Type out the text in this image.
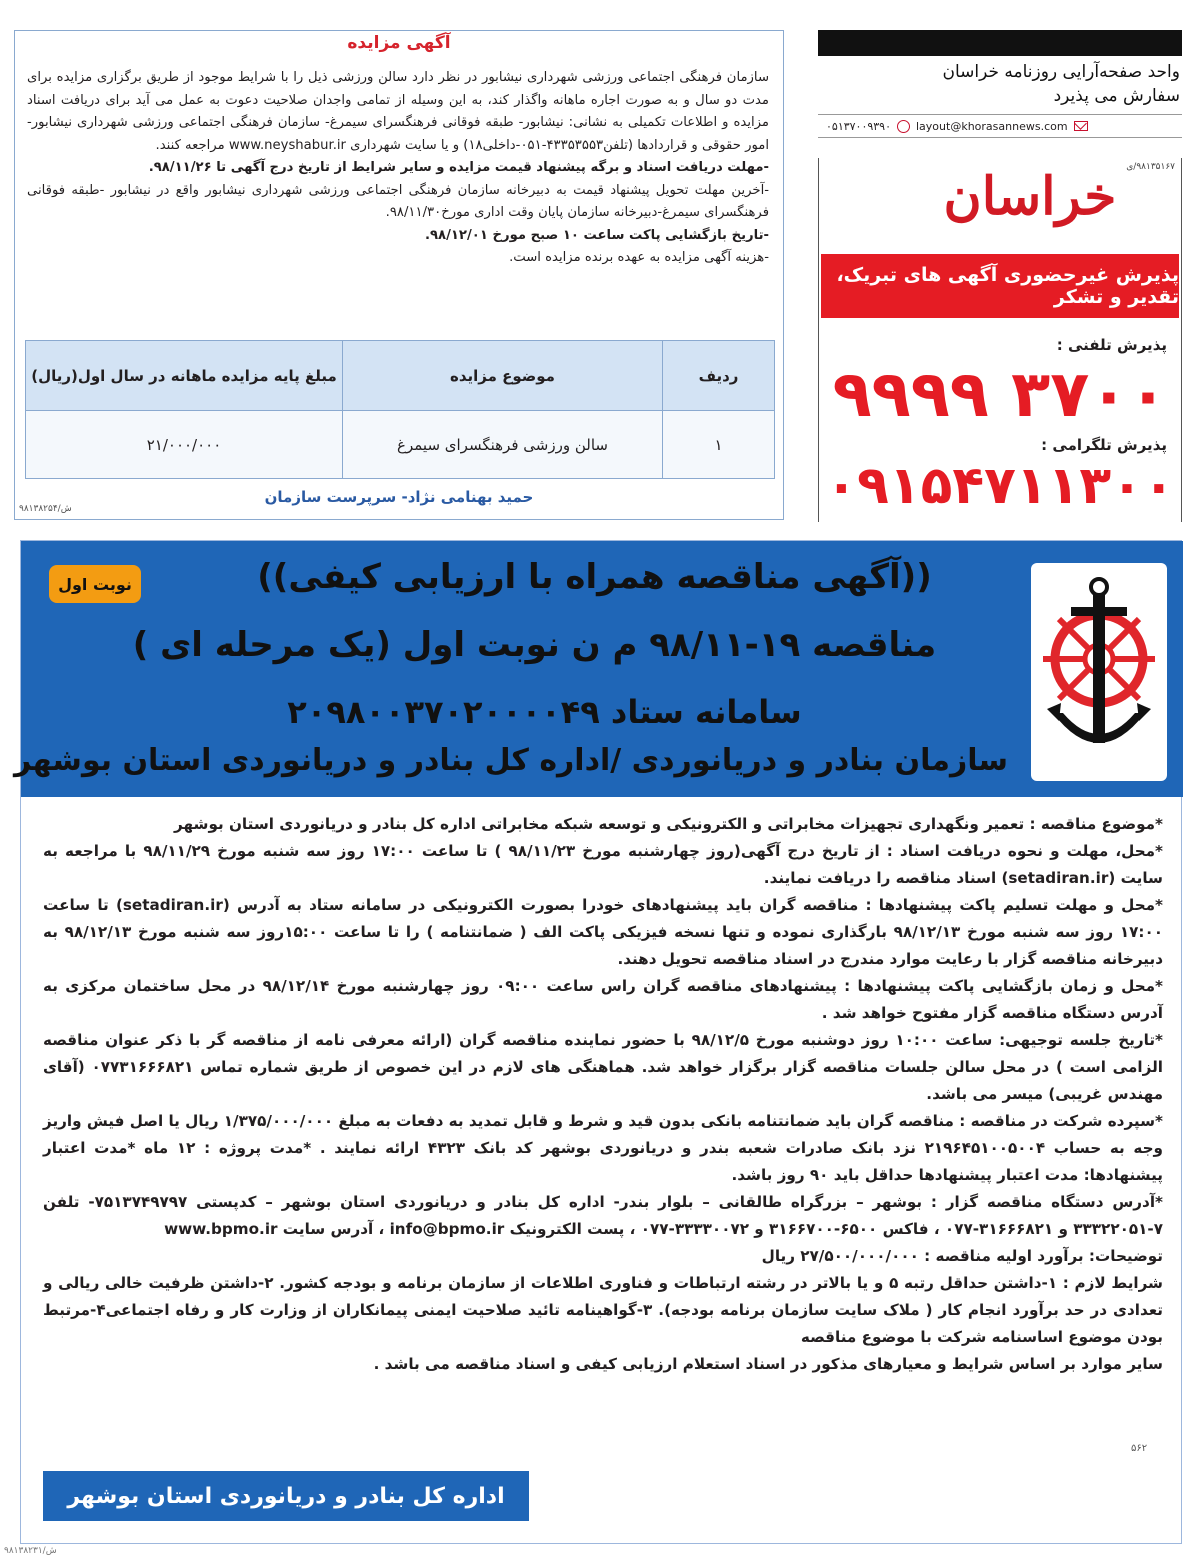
آگهی مزایده

سازمان فرهنگی اجتماعی ورزشی شهرداری نیشابور در نظر دارد سالن ورزشی ذیل را با شرایط موجود از طریق برگزاری مزایده برای مدت دو سال و به صورت اجاره ماهانه واگذار کند، به این وسیله از تمامی واجدان صلاحیت دعوت به عمل می آید برای دریافت اسناد مزایده و اطلاعات تکمیلی به نشانی: نیشابور- طبقه فوقانی فرهنگسرای سیمرغ- سازمان فرهنگی اجتماعی ورزشی شهرداری نیشابور- امور حقوقی و قراردادها (تلفن۴۳۳۵۳۵۵۳-۰۵۱-داخلی۱۸) و یا سایت شهرداری www.neyshabur.ir مراجعه کنند.

-مهلت دریافت اسناد و برگه پیشنهاد قیمت مزایده و سایر شرایط از تاریخ درج آگهی تا ۹۸/۱۱/۲۶.

-آخرین مهلت تحویل پیشنهاد قیمت به دبیرخانه سازمان فرهنگی اجتماعی ورزشی شهرداری نیشابور واقع در نیشابور -طبقه فوقانی فرهنگسرای سیمرغ-دبیرخانه سازمان پایان وقت اداری مورخ۹۸/۱۱/۳۰.

-تاریخ بازگشایی پاکت ساعت ۱۰ صبح مورخ ۹۸/۱۲/۰۱.

-هزینه آگهی مزایده به عهده برنده مزایده است.

ردیف	موضوع مزایده	مبلغ پایه مزایده ماهانه در سال اول(ریال)
۱	سالن ورزشی فرهنگسرای سیمرغ	۲۱/۰۰۰/۰۰۰
حمید بهنامی نژاد- سرپرست سازمان
۹۸۱۳۸۲۵۴/ش
واحد صفحه‌آرایی روزنامه خراسان
سفارش می پذیرد
۰۵۱۳۷۰۰۹۳۹۰ layout@khorasannews.com
۹۸۱۳۵۱۶۷/ی
خراسان
پذیرش غیرحضوری آگهی های تبریک، تقدیر و تشکر
پذیرش تلفنی :
۳۷۰۰ ۹۹۹۹
پذیرش تلگرامی :
۰۹۱۵۴۷۱۱۳۰۰
نوبت اول	((آگهی مناقصه همراه با ارزیابی کیفی))
مناقصه ۱۹-۹۸/۱۱ م ن نوبت اول (یک مرحله ای )
سامانه ستاد ۲۰۹۸۰۰۳۷۰۲۰۰۰۰۴۹
سازمان بنادر و دریانوردی /اداره کل بنادر و دریانوردی استان بوشهر

*موضوع مناقصه : تعمیر ونگهداری تجهیزات مخابراتی و الکترونیکی و توسعه شبکه مخابراتی اداره کل بنادر و دریانوردی استان بوشهر

*محل، مهلت و نحوه دریافت اسناد : از تاریخ درج آگهی(روز چهارشنبه مورخ ۹۸/۱۱/۲۳ ) تا ساعت ۱۷:۰۰ روز سه شنبه مورخ ۹۸/۱۱/۲۹ با مراجعه به سایت (setadiran.ir) اسناد مناقصه را دریافت نمایند.

*محل و مهلت تسلیم پاکت پیشنهادها : مناقصه گران باید پیشنهادهای خودرا بصورت الکترونیکی در سامانه ستاد به آدرس (setadiran.ir) تا ساعت ۱۷:۰۰ روز سه شنبه مورخ ۹۸/۱۲/۱۳ بارگذاری نموده و تنها نسخه فیزیکی پاکت الف ( ضمانتنامه ) را تا ساعت ۱۵:۰۰روز سه شنبه مورخ ۹۸/۱۲/۱۳ به دبیرخانه مناقصه گزار با رعایت موارد مندرج در اسناد مناقصه تحویل دهند.

*محل و زمان بازگشایی پاکت پیشنهادها : پیشنهادهای مناقصه گران راس ساعت ۰۹:۰۰ روز چهارشنبه مورخ ۹۸/۱۲/۱۴ در محل ساختمان مرکزی به آدرس دستگاه مناقصه گزار مفتوح خواهد شد .

*تاریخ جلسه توجیهی: ساعت ۱۰:۰۰ روز دوشنبه مورخ ۹۸/۱۲/۵ با حضور نماینده مناقصه گران (ارائه معرفی نامه از مناقصه گر با ذکر عنوان مناقصه الزامی است ) در محل سالن جلسات مناقصه گزار برگزار خواهد شد. هماهنگی های لازم در این خصوص از طریق شماره تماس ۰۷۷۳۱۶۶۶۸۲۱ (آقای مهندس غریبی) میسر می باشد.

*سپرده شرکت در مناقصه : مناقصه گران باید ضمانتنامه بانکی بدون قید و شرط و قابل تمدید به دفعات به مبلغ ۱/۳۷۵/۰۰۰/۰۰۰ ریال یا اصل فیش واریز وجه به حساب ۲۱۹۶۴۵۱۰۰۵۰۰۴ نزد بانک صادرات شعبه بندر و دریانوردی بوشهر کد بانک ۴۳۲۳ ارائه نمایند . *مدت پروژه : ۱۲ ماه *مدت اعتبار پیشنهادها: مدت اعتبار پیشنهادها حداقل باید ۹۰ روز باشد.

*آدرس دستگاه مناقصه گزار : بوشهر – بزرگراه طالقانی – بلوار بندر- اداره کل بنادر و دریانوردی استان بوشهر – کدپستی ۷۵۱۳۷۴۹۷۹۷- تلفن ۷-۳۳۳۲۲۰۵۱ و ۳۱۶۶۶۸۲۱-۰۷۷ ، فاکس ۶۵۰۰-۳۱۶۶۷۰۰ و ۳۳۳۳۰۰۷۲-۰۷۷ ، پست الکترونیک info@bpmo.ir ، آدرس سایت www.bpmo.ir

توضیحات: برآورد اولیه مناقصه : ۲۷/۵۰۰/۰۰۰/۰۰۰ ریال

شرایط لازم : ۱-داشتن حداقل رتبه ۵ و یا بالاتر در رشته ارتباطات و فناوری اطلاعات از سازمان برنامه و بودجه کشور. ۲-داشتن ظرفیت خالی ریالی و تعدادی در حد برآورد انجام کار ( ملاک سایت سازمان برنامه بودجه). ۳-گواهینامه تائید صلاحیت ایمنی پیمانکاران از وزارت کار و رفاه اجتماعی۴-مرتبط بودن موضوع اساسنامه شرکت با موضوع مناقصه

سایر موارد بر اساس شرایط و معیارهای مذکور در اسناد استعلام ارزیابی کیفی و اسناد مناقصه می باشد .

۵۶۲
اداره کل بنادر و دریانوردی استان بوشهر
۹۸۱۳۸۲۳۱/ش
